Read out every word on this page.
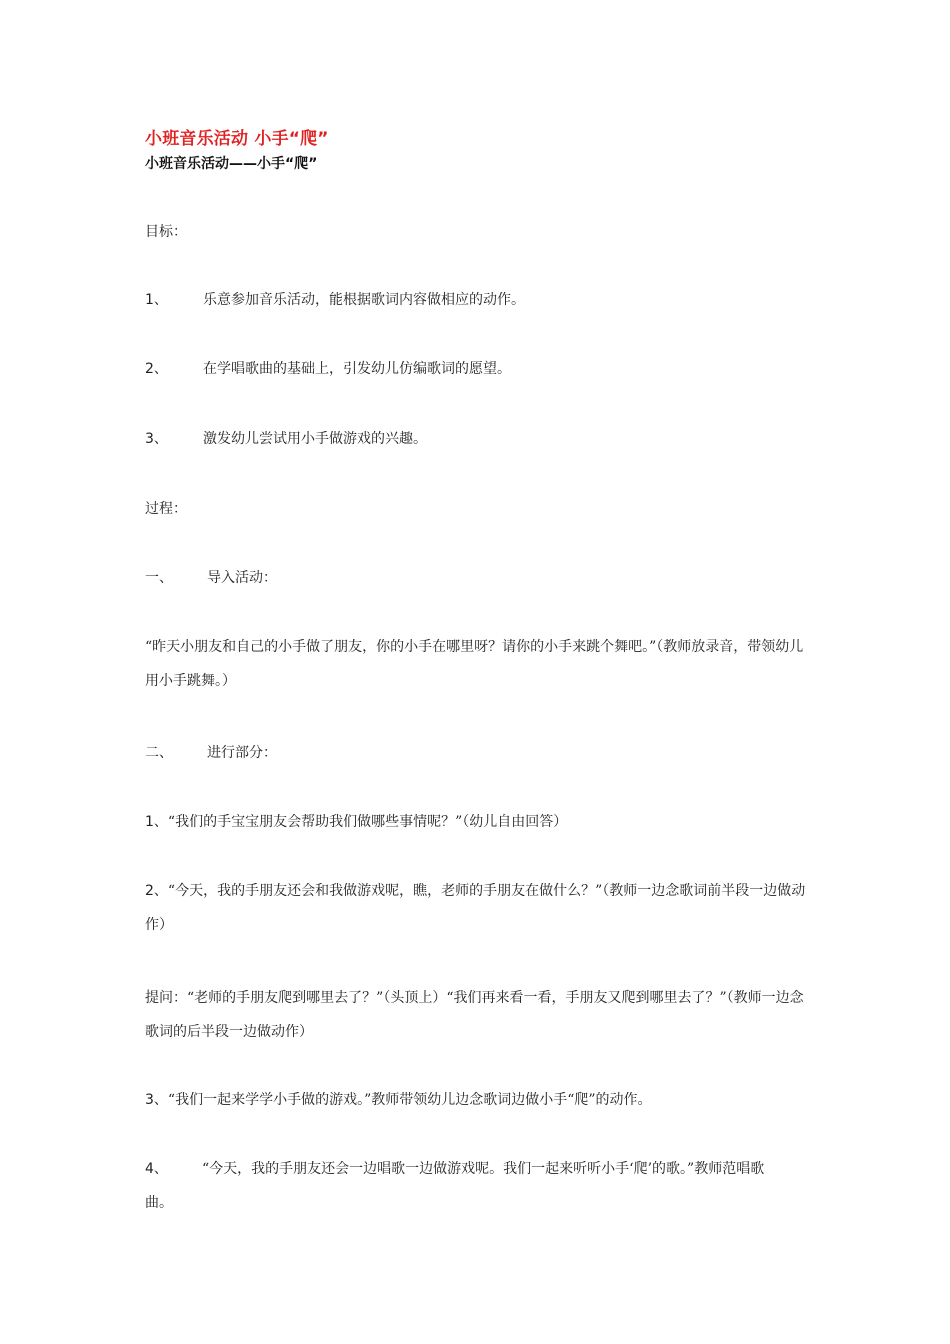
小班音乐活动 小手“爬”
小班音乐活动——小手“爬”
目标：
1、	乐意参加音乐活动，能根据歌词内容做相应的动作。
2、	在学唱歌曲的基础上，引发幼儿仿编歌词的愿望。
3、	激发幼儿尝试用小手做游戏的兴趣。
过程：
一、 导入活动：
“昨天小朋友和自己的小手做了朋友，你的小手在哪里呀？请你的小手来跳个舞吧。”（教师放录音，带领幼儿用小手跳舞。）
二、 进行部分：
1、“我们的手宝宝朋友会帮助我们做哪些事情呢？”（幼儿自由回答）
2、“今天，我的手朋友还会和我做游戏呢，瞧，老师的手朋友在做什么？”（教师一边念歌词前半段一边做动作）
提问：“老师的手朋友爬到哪里去了？”（头顶上）“我们再来看一看，手朋友又爬到哪里去了？”（教师一边念歌词的后半段一边做动作）
3、“我们一起来学学小手做的游戏。”教师带领幼儿边念歌词边做小手“爬”的动作。
4、 “今天，我的手朋友还会一边唱歌一边做游戏呢。我们一起来听听小手‘爬’的歌。”教师范唱歌曲。
